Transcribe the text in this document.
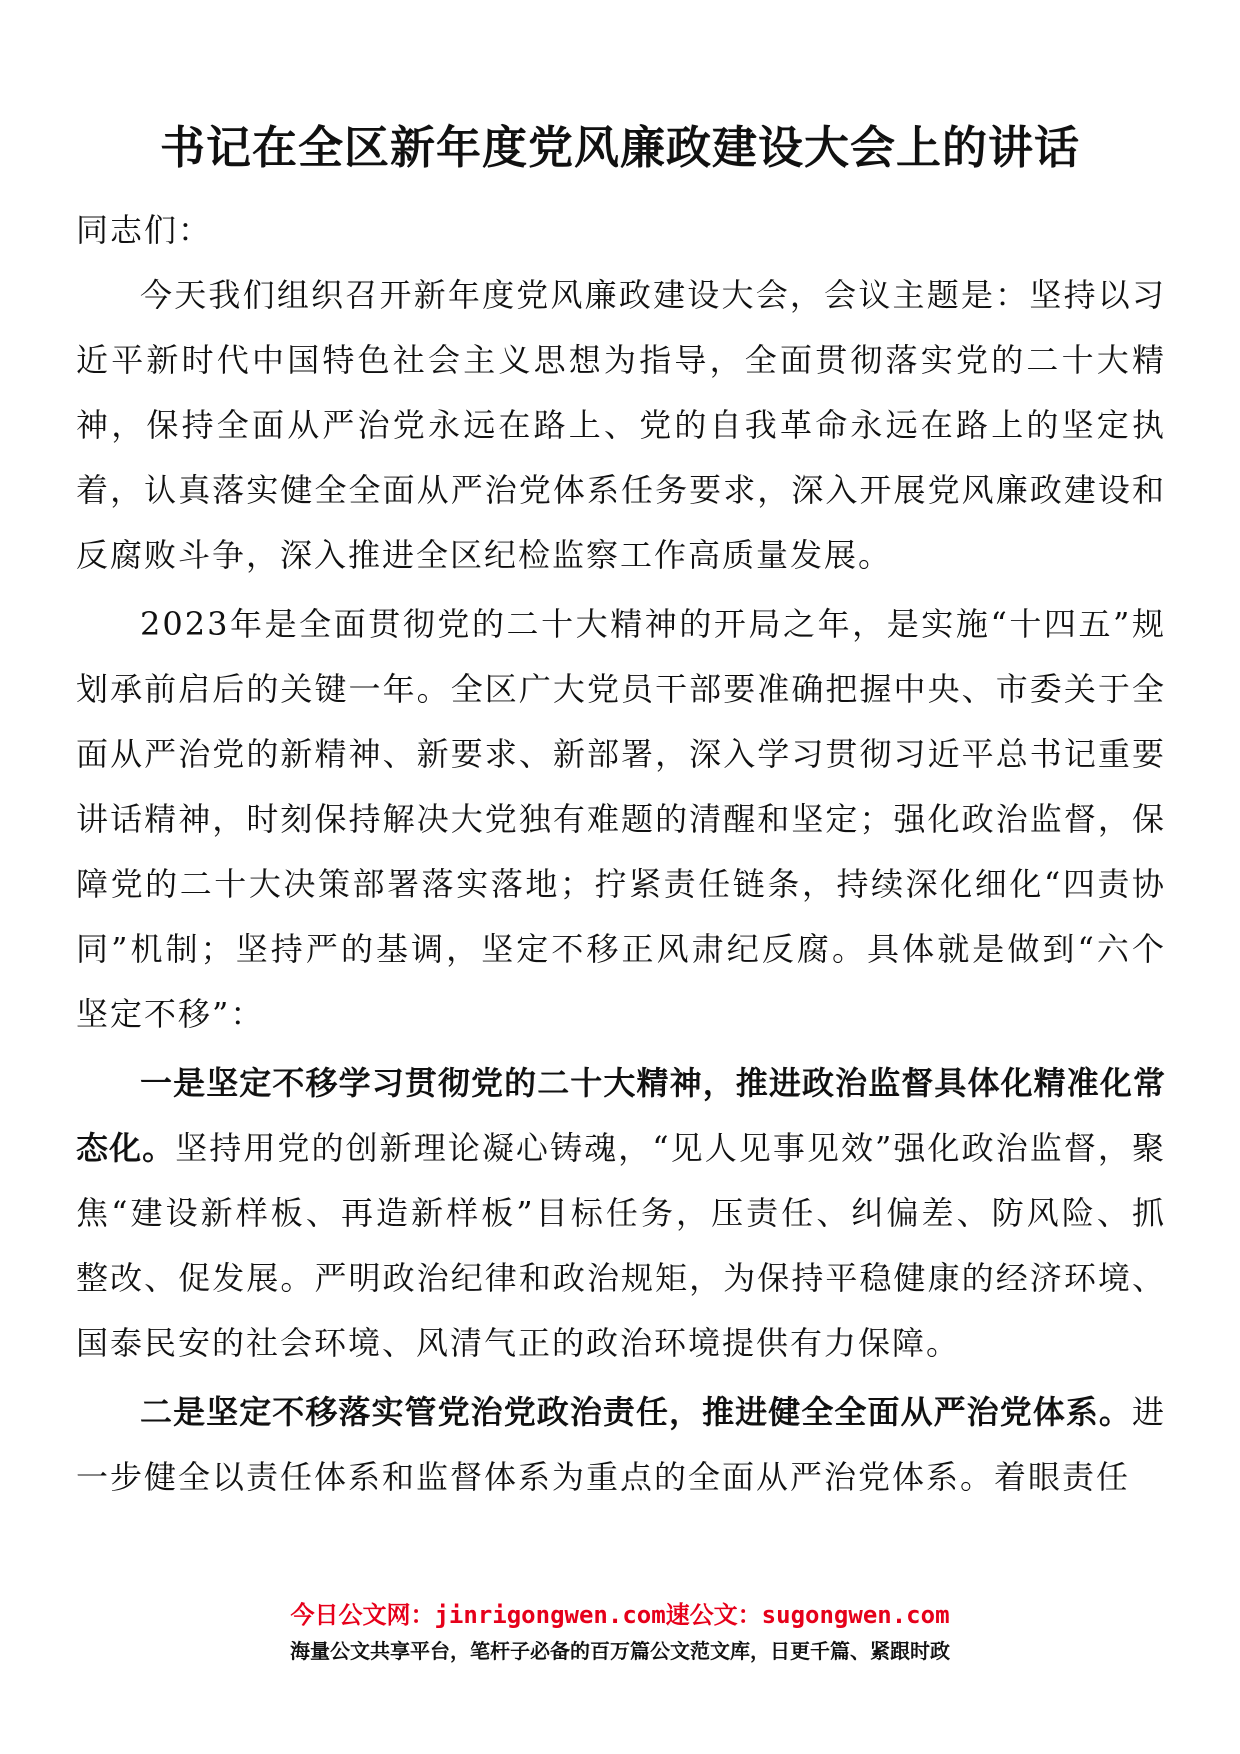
书记在全区新年度党风廉政建设大会上的讲话

同志们：

今天我们组织召开新年度党风廉政建设大会，会议主题是：坚持以习近平新时代中国特色社会主义思想为指导，全面贯彻落实党的二十大精神，保持全面从严治党永远在路上、党的自我革命永远在路上的坚定执着，认真落实健全全面从严治党体系任务要求，深入开展党风廉政建设和反腐败斗争，深入推进全区纪检监察工作高质量发展。

2023年是全面贯彻党的二十大精神的开局之年，是实施“十四五”规划承前启后的关键一年。全区广大党员干部要准确把握中央、市委关于全面从严治党的新精神、新要求、新部署，深入学习贯彻习近平总书记重要讲话精神，时刻保持解决大党独有难题的清醒和坚定；强化政治监督，保障党的二十大决策部署落实落地；拧紧责任链条，持续深化细化“四责协同”机制；坚持严的基调，坚定不移正风肃纪反腐。具体就是做到“六个坚定不移”：

一是坚定不移学习贯彻党的二十大精神，推进政治监督具体化精准化常态化。坚持用党的创新理论凝心铸魂，“见人见事见效”强化政治监督，聚焦“建设新样板、再造新样板”目标任务，压责任、纠偏差、防风险、抓整改、促发展。严明政治纪律和政治规矩，为保持平稳健康的经济环境、国泰民安的社会环境、风清气正的政治环境提供有力保障。

二是坚定不移落实管党治党政治责任，推进健全全面从严治党体系。进一步健全以责任体系和监督体系为重点的全面从严治党体系。着眼责任

今日公文网：jinrigongwen.com速公文：sugongwen.com
海量公文共享平台，笔杆子必备的百万篇公文范文库，日更千篇、紧跟时政
